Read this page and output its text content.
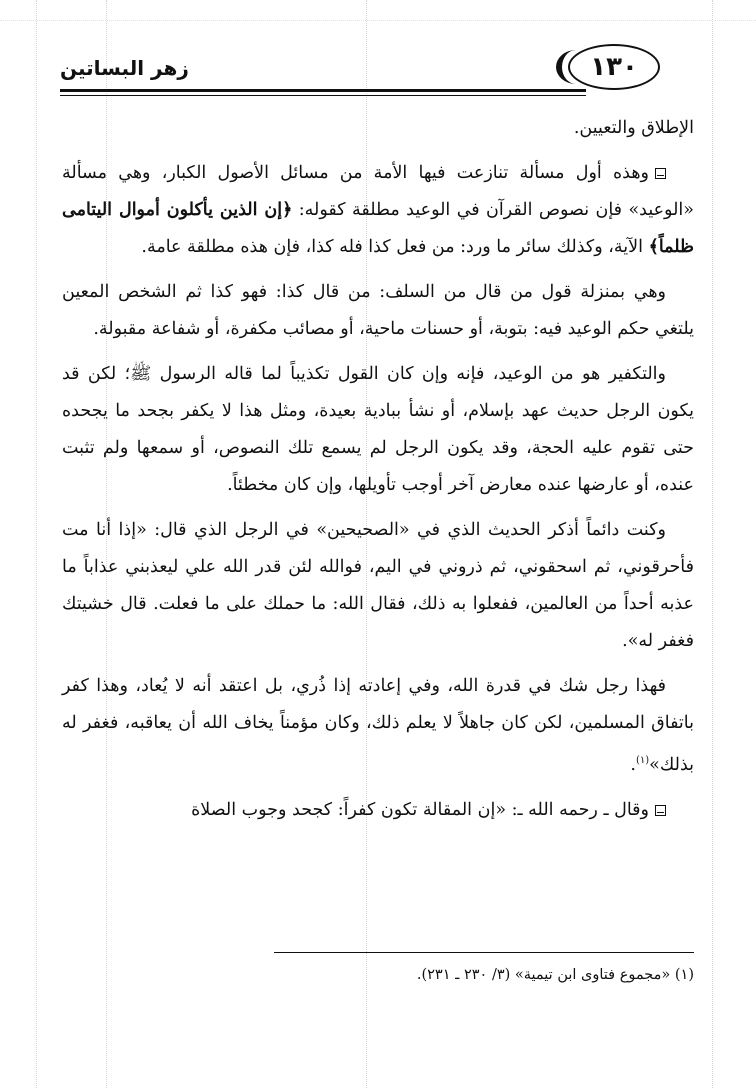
١٣٠
زهر البساتين

الإطلاق والتعيين.

وهذه أول مسألة تنازعت فيها الأمة من مسائل الأصول الكبار، وهي مسألة «الوعيد» فإن نصوص القرآن في الوعيد مطلقة كقوله: ﴿إن الذين يأكلون أموال اليتامى ظلماً﴾ الآية، وكذلك سائر ما ورد: من فعل كذا فله كذا، فإن هذه مطلقة عامة.

وهي بمنزلة قول من قال من السلف: من قال كذا: فهو كذا ثم الشخص المعين يلتغي حكم الوعيد فيه: بتوبة، أو حسنات ماحية، أو مصائب مكفرة، أو شفاعة مقبولة.

والتكفير هو من الوعيد، فإنه وإن كان القول تكذيباً لما قاله الرسول ﷺ؛ لكن قد يكون الرجل حديث عهد بإسلام، أو نشأ ببادية بعيدة، ومثل هذا لا يكفر بجحد ما يجحده حتى تقوم عليه الحجة، وقد يكون الرجل لم يسمع تلك النصوص، أو سمعها ولم تثبت عنده، أو عارضها عنده معارض آخر أوجب تأويلها، وإن كان مخطئاً.

وكنت دائماً أذكر الحديث الذي في «الصحيحين» في الرجل الذي قال: «إذا أنا مت فأحرقوني، ثم اسحقوني، ثم ذروني في اليم، فوالله لئن قدر الله علي ليعذبني عذاباً ما عذبه أحداً من العالمين، ففعلوا به ذلك، فقال الله: ما حملك على ما فعلت. قال خشيتك فغفر له».

فهذا رجل شك في قدرة الله، وفي إعادته إذا ذُري، بل اعتقد أنه لا يُعاد، وهذا كفر باتفاق المسلمين، لكن كان جاهلاً لا يعلم ذلك، وكان مؤمناً يخاف الله أن يعاقبه، فغفر له بذلك»$^{(١)}$.

وقال ـ رحمه الله ـ: «إن المقالة تكون كفراً: كجحد وجوب الصلاة

(١) «مجموع فتاوى ابن تيمية» (٣/ ٢٣٠ ـ ٢٣١).
